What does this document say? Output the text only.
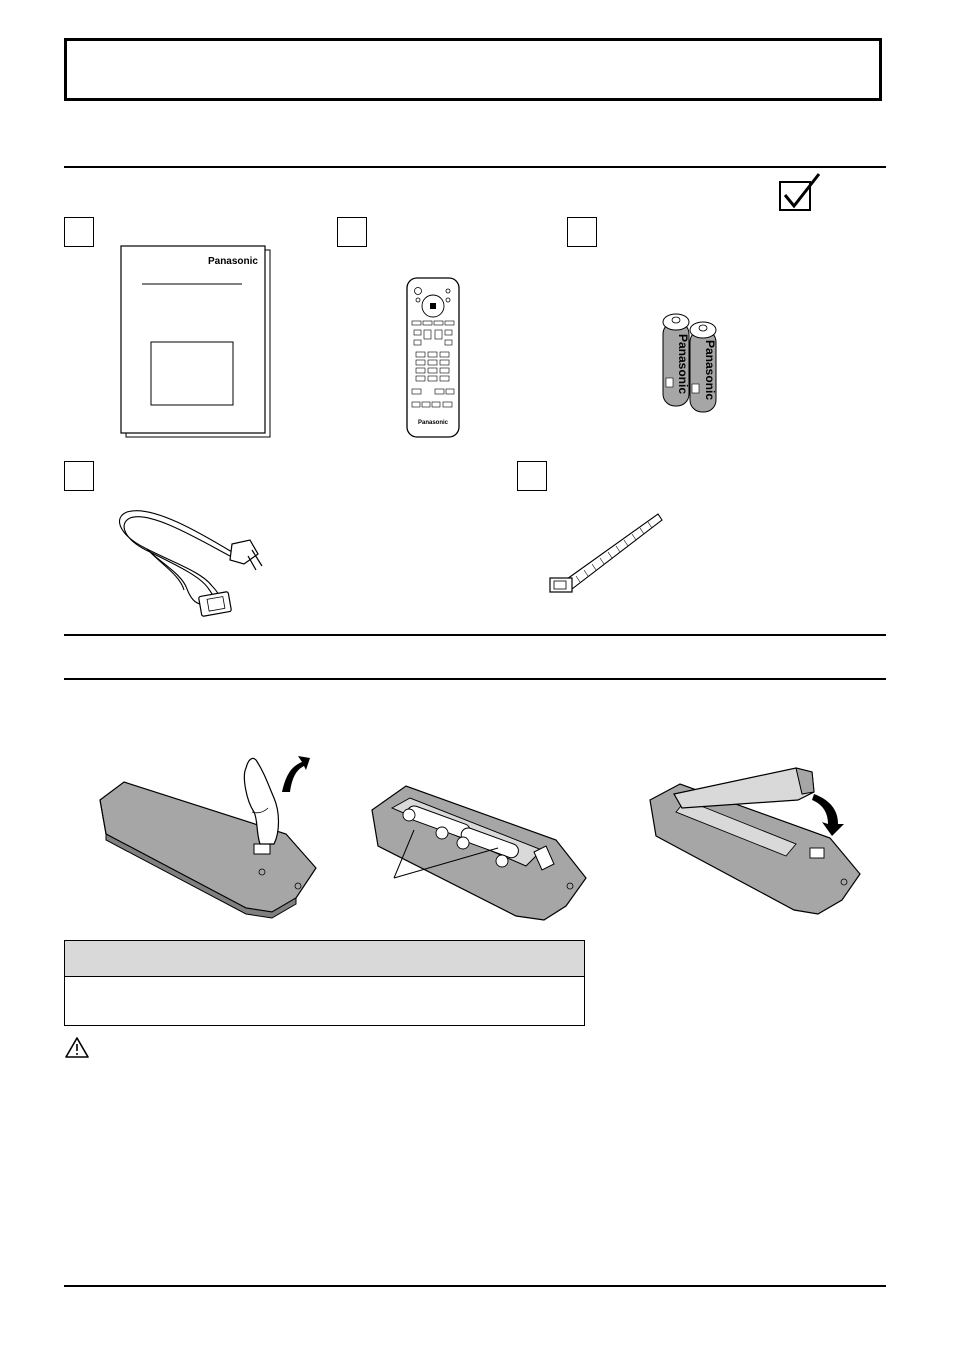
Panasonic
Panasonic
Panasonic Panasonic
